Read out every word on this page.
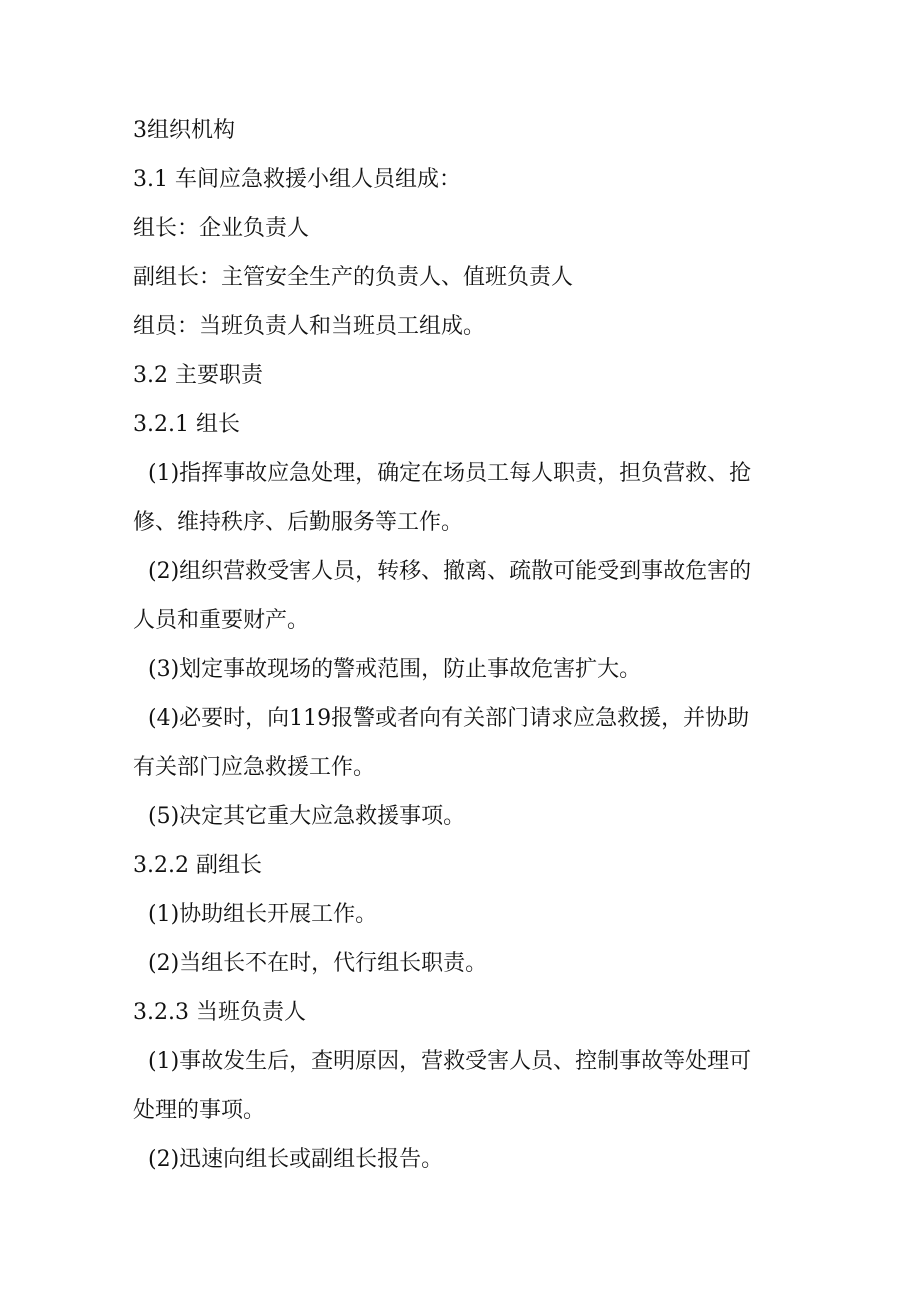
3组织机构
3.1 车间应急救援小组人员组成：
组长：企业负责人
副组长：主管安全生产的负责人、值班负责人
组员：当班负责人和当班员工组成。
3.2 主要职责
3.2.1 组长
(1)指挥事故应急处理，确定在场员工每人职责，担负营救、抢
修、维持秩序、后勤服务等工作。
(2)组织营救受害人员，转移、撤离、疏散可能受到事故危害的
人员和重要财产。
(3)划定事故现场的警戒范围，防止事故危害扩大。
(4)必要时，向119报警或者向有关部门请求应急救援，并协助
有关部门应急救援工作。
(5)决定其它重大应急救援事项。
3.2.2 副组长
(1)协助组长开展工作。
(2)当组长不在时，代行组长职责。
3.2.3 当班负责人
(1)事故发生后，查明原因，营救受害人员、控制事故等处理可
处理的事项。
(2)迅速向组长或副组长报告。
